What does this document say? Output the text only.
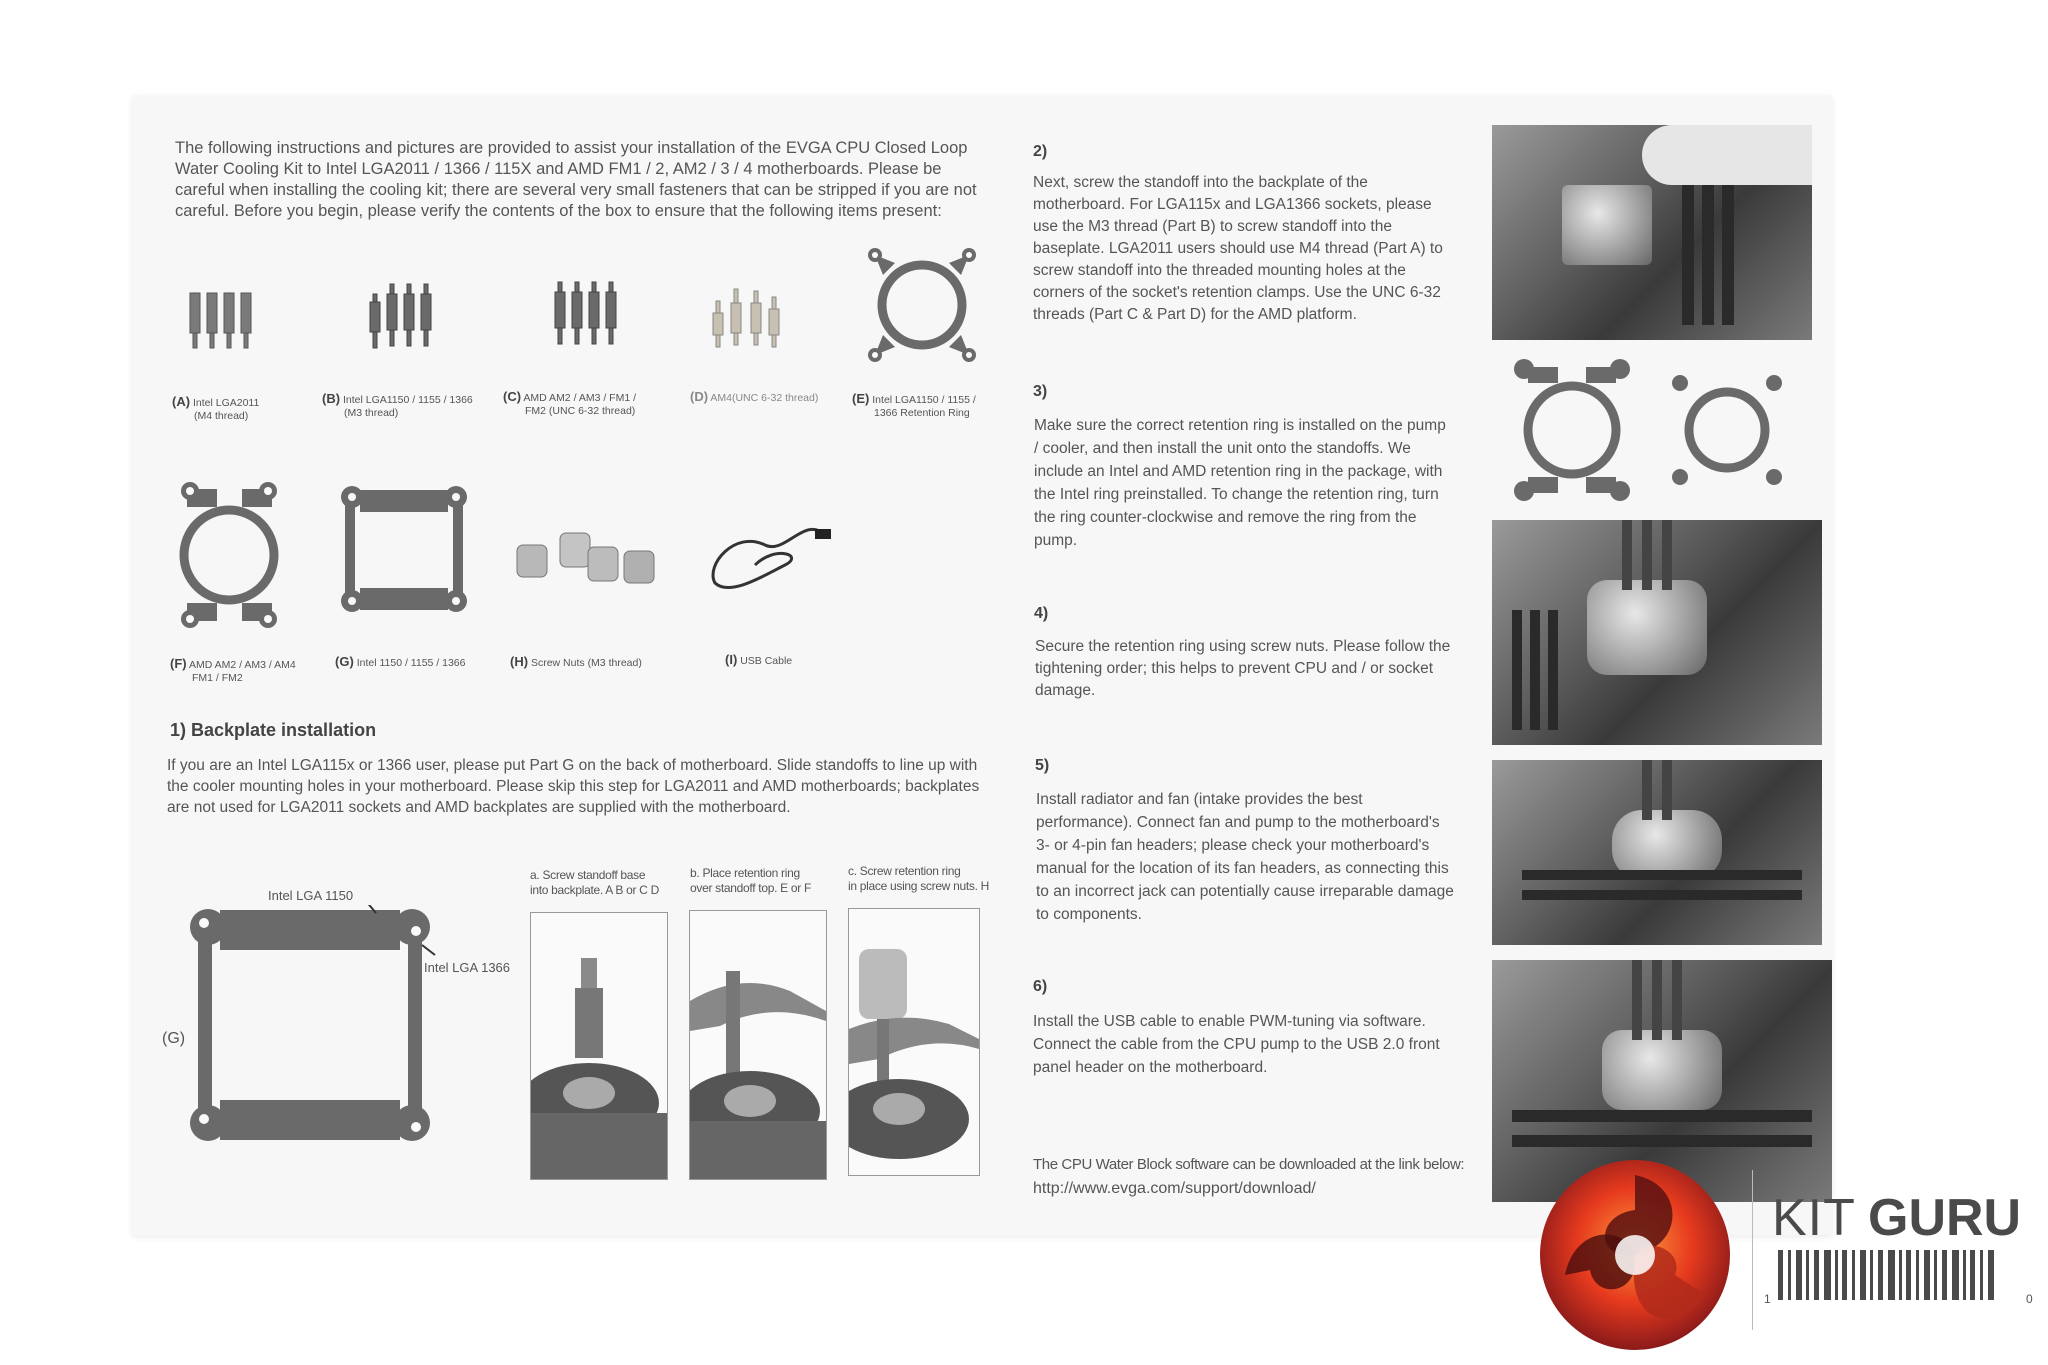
The following instructions and pictures are provided to assist your installation of the EVGA CPU Closed Loop Water Cooling Kit to Intel LGA2011 / 1366 / 115X and AMD FM1 / 2, AM2 / 3 / 4 motherboards. Please be careful when installing the cooling kit; there are several very small fasteners that can be stripped if you are not careful. Before you begin, please verify the contents of the box to ensure that the following items present:
(A) Intel LGA2011
(M4 thread)
(B) Intel LGA1150 / 1155 / 1366
(M3 thread)
(C) AMD AM2 / AM3 / FM1 /
FM2 (UNC 6-32 thread)
(D) AM4(UNC 6-32 thread)	(E) Intel LGA1150 / 1155 /
1366 Retention Ring
(F) AMD AM2 / AM3 / AM4
FM1 / FM2
(G) Intel 1150 / 1155 / 1366	(H) Screw Nuts (M3 thread)	(I) USB Cable
1) Backplate installation
If you are an Intel LGA115x or 1366 user, please put Part G on the back of motherboard. Slide standoffs to line up with the cooler mounting holes in your motherboard. Please skip this step for LGA2011 and AMD motherboards; backplates are not used for LGA2011 sockets and AMD backplates are supplied with the motherboard.
Intel LGA 1150
Intel LGA 1366
(G)
a. Screw standoff base
into backplate. A B or C D
b. Place retention ring
over standoff top. E or F
c. Screw retention ring
in place using screw nuts. H
2)
Next, screw the standoff into the backplate of the motherboard. For LGA115x and LGA1366 sockets, please use the M3 thread (Part B) to screw standoff into the baseplate. LGA2011 users should use M4 thread (Part A) to screw standoff into the threaded mounting holes at the corners of the socket's retention clamps. Use the UNC 6-32 threads (Part C & Part D) for the AMD platform.
3)
Make sure the correct retention ring is installed on the pump / cooler, and then install the unit onto the standoffs. We include an Intel and AMD retention ring in the package, with the Intel ring preinstalled. To change the retention ring, turn the ring counter-clockwise and remove the ring from the pump.
4)
Secure the retention ring using screw nuts. Please follow the tightening order; this helps to prevent CPU and / or socket damage.
5)
Install radiator and fan (intake provides the best performance). Connect fan and pump to the motherboard's 3- or 4-pin fan headers; please check your motherboard's manual for the location of its fan headers, as connecting this to an incorrect jack can potentially cause irreparable damage to components.
6)
Install the USB cable to enable PWM-tuning via software. Connect the cable from the CPU pump to the USB 2.0 front panel header on the motherboard.
The CPU Water Block software can be downloaded at the link below:
http://www.evga.com/support/download/
KIT GURU
1	0
